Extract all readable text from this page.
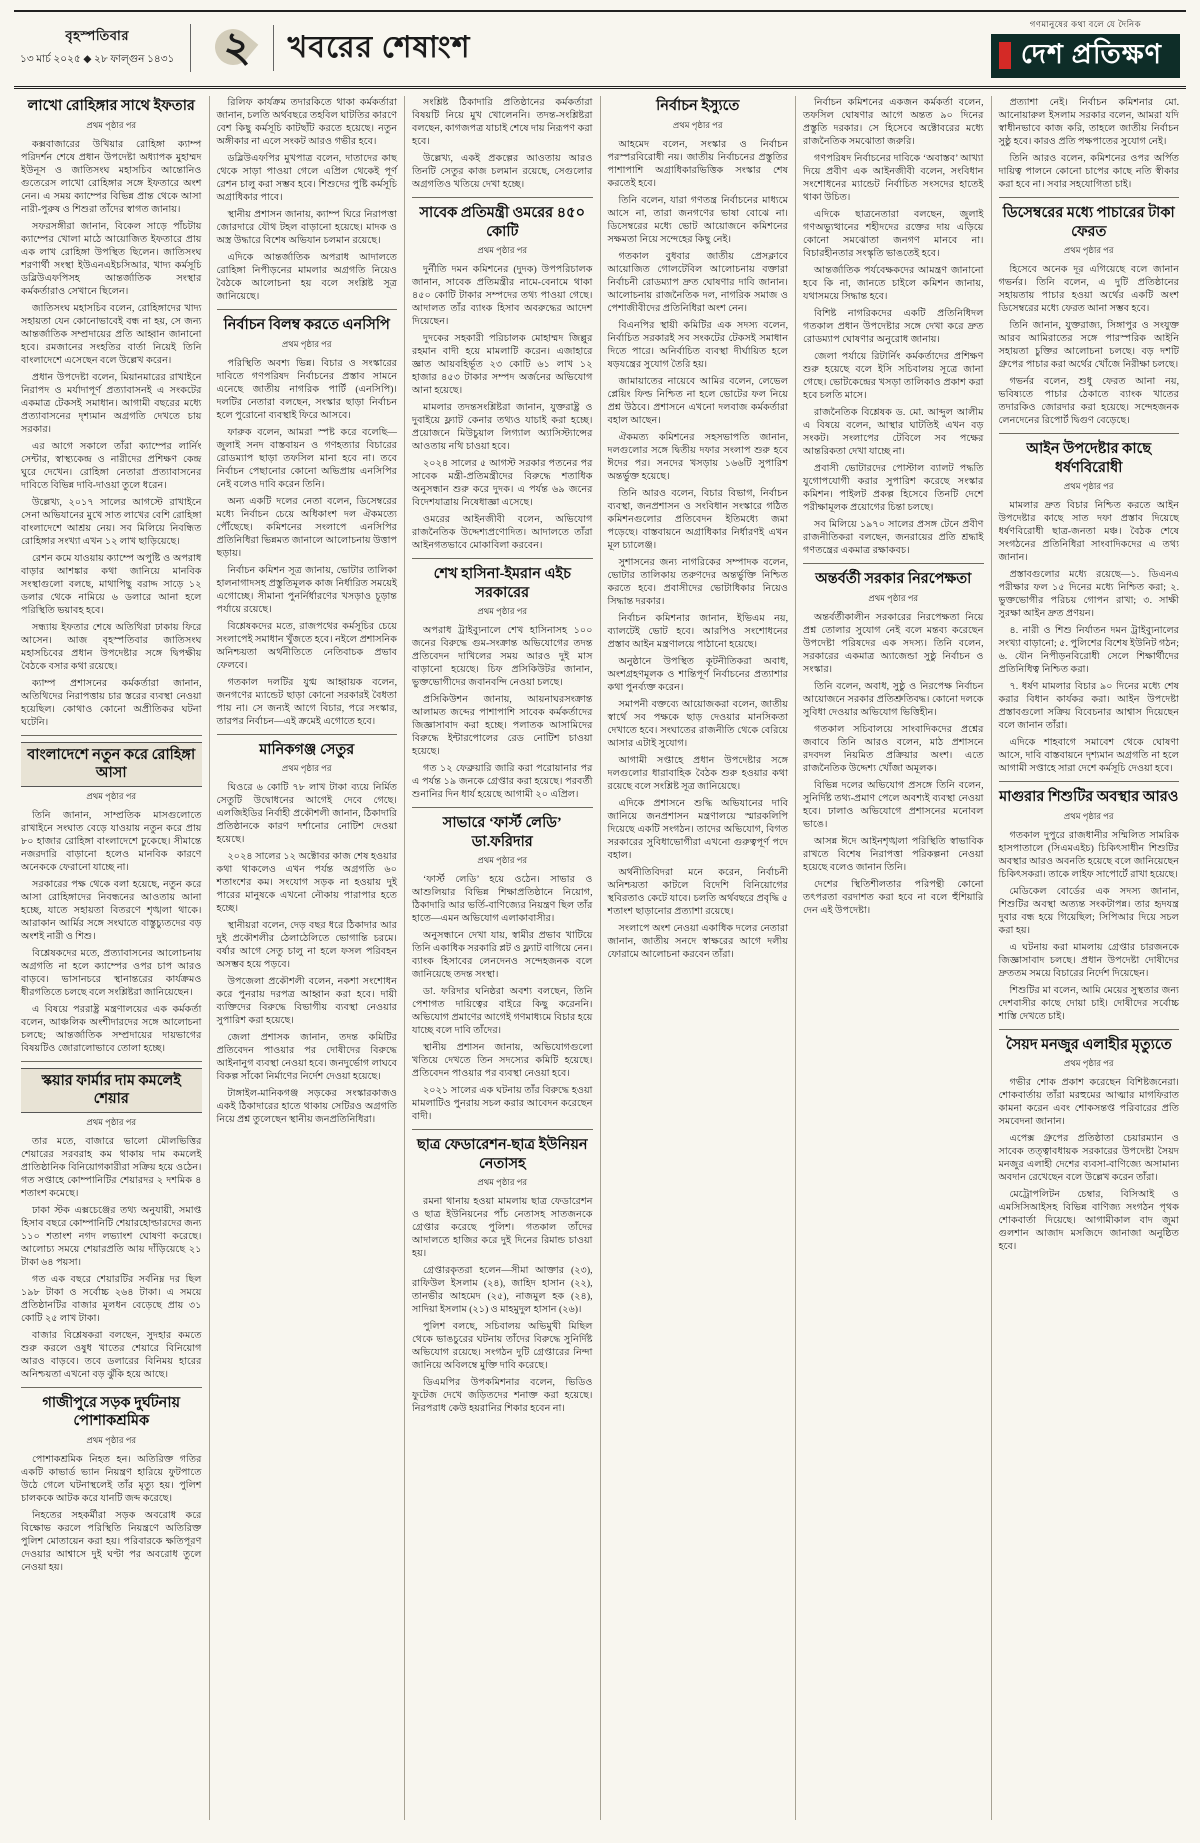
বৃহস্পতিবার
১৩ মার্চ ২০২৫ ◆ ২৮ ফাল্গুন ১৪৩১	২	খবরের শেষাংশ
গণমানুষের কথা বলে যে দৈনিক
দেশ প্রতিক্ষণ
লাখো রোহিঙ্গার সাথে ইফতার
প্রথম পৃষ্ঠার পর

কক্সবাজারের উখিয়ার রোহিঙ্গা ক্যাম্প পরিদর্শন শেষে প্রধান উপদেষ্টা অধ্যাপক মুহাম্মদ ইউনূস ও জাতিসংঘ মহাসচিব আন্তোনিও গুতেরেস লাখো রোহিঙ্গার সঙ্গে ইফতারে অংশ নেন। এ সময় ক্যাম্পের বিভিন্ন প্রান্ত থেকে আসা নারী-পুরুষ ও শিশুরা তাঁদের স্বাগত জানায়।

সফরসঙ্গীরা জানান, বিকেল সাড়ে পাঁচটায় ক্যাম্পের খোলা মাঠে আয়োজিত ইফতারে প্রায় এক লাখ রোহিঙ্গা উপস্থিত ছিলেন। জাতিসংঘ শরণার্থী সংস্থা ইউএনএইচসিআর, খাদ্য কর্মসূচি ডব্লিউএফপিসহ আন্তর্জাতিক সংস্থার কর্মকর্তারাও সেখানে ছিলেন।

জাতিসংঘ মহাসচিব বলেন, রোহিঙ্গাদের খাদ্য সহায়তা যেন কোনোভাবেই বন্ধ না হয়, সে জন্য আন্তর্জাতিক সম্প্রদায়ের প্রতি আহ্বান জানানো হবে। রমজানের সংহতির বার্তা নিয়েই তিনি বাংলাদেশে এসেছেন বলে উল্লেখ করেন।

প্রধান উপদেষ্টা বলেন, মিয়ানমারের রাখাইনে নিরাপদ ও মর্যাদাপূর্ণ প্রত্যাবাসনই এ সংকটের একমাত্র টেকসই সমাধান। আগামী বছরের মধ্যে প্রত্যাবাসনের দৃশ্যমান অগ্রগতি দেখতে চায় সরকার।

এর আগে সকালে তাঁরা ক্যাম্পের লার্নিং সেন্টার, স্বাস্থ্যকেন্দ্র ও নারীদের প্রশিক্ষণ কেন্দ্র ঘুরে দেখেন। রোহিঙ্গা নেতারা প্রত্যাবাসনের দাবিতে বিভিন্ন দাবি-দাওয়া তুলে ধরেন।

উল্লেখ্য, ২০১৭ সালের আগস্টে রাখাইনে সেনা অভিযানের মুখে সাত লাখের বেশি রোহিঙ্গা বাংলাদেশে আশ্রয় নেয়। সব মিলিয়ে নিবন্ধিত রোহিঙ্গার সংখ্যা এখন ১২ লাখ ছাড়িয়েছে।

রেশন কমে যাওয়ায় ক্যাম্পে অপুষ্টি ও অপরাধ বাড়ার আশঙ্কার কথা জানিয়ে মানবিক সংস্থাগুলো বলছে, মাথাপিছু বরাদ্দ সাড়ে ১২ ডলার থেকে নামিয়ে ৬ ডলারে আনা হলে পরিস্থিতি ভয়াবহ হবে।

সন্ধ্যায় ইফতার শেষে অতিথিরা ঢাকায় ফিরে আসেন। আজ বৃহস্পতিবার জাতিসংঘ মহাসচিবের প্রধান উপদেষ্টার সঙ্গে দ্বিপক্ষীয় বৈঠকে বসার কথা রয়েছে।

ক্যাম্প প্রশাসনের কর্মকর্তারা জানান, অতিথিদের নিরাপত্তায় চার স্তরের ব্যবস্থা নেওয়া হয়েছিল। কোথাও কোনো অপ্রীতিকর ঘটনা ঘটেনি।

বাংলাদেশে নতুন করে রোহিঙ্গা আসা
প্রথম পৃষ্ঠার পর

তিনি জানান, সাম্প্রতিক মাসগুলোতে রাখাইনে সংঘাত বেড়ে যাওয়ায় নতুন করে প্রায় ৮০ হাজার রোহিঙ্গা বাংলাদেশে ঢুকেছে। সীমান্তে নজরদারি বাড়ানো হলেও মানবিক কারণে অনেককে ফেরানো যাচ্ছে না।

সরকারের পক্ষ থেকে বলা হয়েছে, নতুন করে আসা রোহিঙ্গাদের নিবন্ধনের আওতায় আনা হচ্ছে, যাতে সহায়তা বিতরণে শৃঙ্খলা থাকে। আরাকান আর্মির সঙ্গে সংঘাতে বাস্তুচ্যুতদের বড় অংশই নারী ও শিশু।

বিশ্লেষকদের মতে, প্রত্যাবাসনের আলোচনায় অগ্রগতি না হলে ক্যাম্পের ওপর চাপ আরও বাড়বে। ভাসানচরে স্থানান্তরের কার্যক্রমও ধীরগতিতে চলছে বলে সংশ্লিষ্টরা জানিয়েছেন।

এ বিষয়ে পররাষ্ট্র মন্ত্রণালয়ের এক কর্মকর্তা বলেন, আঞ্চলিক অংশীদারদের সঙ্গে আলোচনা চলছে; আন্তর্জাতিক সম্প্রদায়ের দায়ভাগের বিষয়টিও জোরালোভাবে তোলা হচ্ছে।

স্কয়ার ফার্মার দাম কমলেই শেয়ার
প্রথম পৃষ্ঠার পর

তার মতে, বাজারে ভালো মৌলভিত্তির শেয়ারের সরবরাহ কম থাকায় দাম কমলেই প্রাতিষ্ঠানিক বিনিয়োগকারীরা সক্রিয় হয়ে ওঠেন। গত সপ্তাহে কোম্পানিটির শেয়ারদর ২ দশমিক ৪ শতাংশ কমেছে।

ঢাকা স্টক এক্সচেঞ্জের তথ্য অনুযায়ী, সমাপ্ত হিসাব বছরে কোম্পানিটি শেয়ারহোল্ডারদের জন্য ১১০ শতাংশ নগদ লভ্যাংশ ঘোষণা করেছে। আলোচ্য সময়ে শেয়ারপ্রতি আয় দাঁড়িয়েছে ২১ টাকা ৬৪ পয়সা।

গত এক বছরে শেয়ারটির সর্বনিম্ন দর ছিল ১৯৮ টাকা ও সর্বোচ্চ ২৬৪ টাকা। এ সময়ে প্রতিষ্ঠানটির বাজার মূলধন বেড়েছে প্রায় ৩১ কোটি ২৫ লাখ টাকা।

বাজার বিশ্লেষকরা বলছেন, সুদহার কমতে শুরু করলে ওষুধ খাতের শেয়ারে বিনিয়োগ আরও বাড়বে। তবে ডলারের বিনিময় হারের অনিশ্চয়তা এখনো বড় ঝুঁকি হয়ে আছে।

গাজীপুরে সড়ক দুর্ঘটনায় পোশাকশ্রমিক
প্রথম পৃষ্ঠার পর

পোশাকশ্রমিক নিহত হন। অতিরিক্ত গতির একটি কাভার্ড ভ্যান নিয়ন্ত্রণ হারিয়ে ফুটপাতে উঠে গেলে ঘটনাস্থলেই তাঁর মৃত্যু হয়। পুলিশ চালককে আটক করে যানটি জব্দ করেছে।

নিহতের সহকর্মীরা সড়ক অবরোধ করে বিক্ষোভ করলে পরিস্থিতি নিয়ন্ত্রণে অতিরিক্ত পুলিশ মোতায়েন করা হয়। পরিবারকে ক্ষতিপূরণ দেওয়ার আশ্বাসে দুই ঘণ্টা পর অবরোধ তুলে নেওয়া হয়।

রিলিফ কার্যক্রম তদারকিতে থাকা কর্মকর্তারা জানান, চলতি অর্থবছরে তহবিল ঘাটতির কারণে বেশ কিছু কর্মসূচি কাটছাঁট করতে হয়েছে। নতুন অঙ্গীকার না এলে সংকট আরও গভীর হবে।

ডব্লিউএফপির মুখপাত্র বলেন, দাতাদের কাছ থেকে সাড়া পাওয়া গেলে এপ্রিল থেকেই পূর্ণ রেশন চালু করা সম্ভব হবে। শিশুদের পুষ্টি কর্মসূচি অগ্রাধিকার পাবে।

স্থানীয় প্রশাসন জানায়, ক্যাম্প ঘিরে নিরাপত্তা জোরদারে যৌথ টহল বাড়ানো হয়েছে। মাদক ও অস্ত্র উদ্ধারে বিশেষ অভিযান চলমান রয়েছে।

এদিকে আন্তর্জাতিক অপরাধ আদালতে রোহিঙ্গা নিপীড়নের মামলার অগ্রগতি নিয়েও বৈঠকে আলোচনা হয় বলে সংশ্লিষ্ট সূত্র জানিয়েছে।

নির্বাচন বিলম্ব করতে এনসিপি
প্রথম পৃষ্ঠার পর

পরিস্থিতি অবশ্য ভিন্ন। বিচার ও সংস্কারের দাবিতে গণপরিষদ নির্বাচনের প্রস্তাব সামনে এনেছে জাতীয় নাগরিক পার্টি (এনসিপি)। দলটির নেতারা বলছেন, সংস্কার ছাড়া নির্বাচন হলে পুরোনো ব্যবস্থাই ফিরে আসবে।

ফারুক বলেন, আমরা স্পষ্ট করে বলেছি—জুলাই সনদ বাস্তবায়ন ও গণহত্যার বিচারের রোডম্যাপ ছাড়া তফসিল মানা হবে না। তবে নির্বাচন পেছানোর কোনো অভিপ্রায় এনসিপির নেই বলেও দাবি করেন তিনি।

অন্য একটি দলের নেতা বলেন, ডিসেম্বরের মধ্যে নির্বাচন চেয়ে অধিকাংশ দল ঐকমত্যে পৌঁছেছে। কমিশনের সংলাপে এনসিপির প্রতিনিধিরা ভিন্নমত জানালে আলোচনায় উত্তাপ ছড়ায়।

নির্বাচন কমিশন সূত্র জানায়, ভোটার তালিকা হালনাগাদসহ প্রস্তুতিমূলক কাজ নির্ধারিত সময়েই এগোচ্ছে। সীমানা পুনর্নির্ধারণের খসড়াও চূড়ান্ত পর্যায়ে রয়েছে।

বিশ্লেষকদের মতে, রাজপথের কর্মসূচির চেয়ে সংলাপেই সমাধান খুঁজতে হবে। নইলে প্রশাসনিক অনিশ্চয়তা অর্থনীতিতে নেতিবাচক প্রভাব ফেলবে।

গতকাল দলটির যুগ্ম আহ্বায়ক বলেন, জনগণের ম্যান্ডেট ছাড়া কোনো সরকারই বৈধতা পায় না। সে জন্যই আগে বিচার, পরে সংস্কার, তারপর নির্বাচন—এই ক্রমেই এগোতে হবে।

মানিকগঞ্জ সেতুর
প্রথম পৃষ্ঠার পর

ঘিওরে ৬ কোটি ৭৮ লাখ টাকা ব্যয়ে নির্মিত সেতুটি উদ্বোধনের আগেই দেবে গেছে। এলজিইডির নির্বাহী প্রকৌশলী জানান, ঠিকাদারি প্রতিষ্ঠানকে কারণ দর্শানোর নোটিশ দেওয়া হয়েছে।

২০২৪ সালের ১২ অক্টোবর কাজ শেষ হওয়ার কথা থাকলেও এখন পর্যন্ত অগ্রগতি ৬০ শতাংশের কম। সংযোগ সড়ক না হওয়ায় দুই পারের মানুষকে এখনো নৌকায় পারাপার হতে হচ্ছে।

স্থানীয়রা বলেন, দেড় বছর ধরে ঠিকাদার আর দুই প্রকৌশলীর ঠেলাঠেলিতে ভোগান্তি চরমে। বর্ষার আগে সেতু চালু না হলে ফসল পরিবহন অসম্ভব হয়ে পড়বে।

উপজেলা প্রকৌশলী বলেন, নকশা সংশোধন করে পুনরায় দরপত্র আহ্বান করা হবে। দায়ী ব্যক্তিদের বিরুদ্ধে বিভাগীয় ব্যবস্থা নেওয়ার সুপারিশ করা হয়েছে।

জেলা প্রশাসক জানান, তদন্ত কমিটির প্রতিবেদন পাওয়ার পর দোষীদের বিরুদ্ধে আইনানুগ ব্যবস্থা নেওয়া হবে। জনদুর্ভোগ লাঘবে বিকল্প সাঁকো নির্মাণের নির্দেশ দেওয়া হয়েছে।

টাঙ্গাইল-মানিকগঞ্জ সড়কের সংস্কারকাজও একই ঠিকাদারের হাতে থাকায় সেটিরও অগ্রগতি নিয়ে প্রশ্ন তুলেছেন স্থানীয় জনপ্রতিনিধিরা।

সংশ্লিষ্ট ঠিকাদারি প্রতিষ্ঠানের কর্মকর্তারা বিষয়টি নিয়ে মুখ খোলেননি। তদন্ত-সংশ্লিষ্টরা বলছেন, কাগজপত্র যাচাই শেষে দায় নিরূপণ করা হবে।

উল্লেখ্য, একই প্রকল্পের আওতায় আরও তিনটি সেতুর কাজ চলমান রয়েছে, সেগুলোর অগ্রগতিও খতিয়ে দেখা হচ্ছে।

সাবেক প্রতিমন্ত্রী ওমরের ৪৫০ কোটি
প্রথম পৃষ্ঠার পর

দুর্নীতি দমন কমিশনের (দুদক) উপপরিচালক জানান, সাবেক প্রতিমন্ত্রীর নামে-বেনামে থাকা ৪৫০ কোটি টাকার সম্পদের তথ্য পাওয়া গেছে। আদালত তাঁর ব্যাংক হিসাব অবরুদ্ধের আদেশ দিয়েছেন।

দুদকের সহকারী পরিচালক মোহাম্মদ জিল্লুর রহমান বাদী হয়ে মামলাটি করেন। এজাহারে জ্ঞাত আয়বহির্ভূত ২৩ কোটি ৬১ লাখ ১২ হাজার ৪৫৩ টাকার সম্পদ অর্জনের অভিযোগ আনা হয়েছে।

মামলার তদন্তসংশ্লিষ্টরা জানান, যুক্তরাষ্ট্র ও দুবাইয়ে ফ্ল্যাট কেনার তথ্যও যাচাই করা হচ্ছে। প্রয়োজনে মিউচুয়াল লিগ্যাল অ্যাসিস্ট্যান্সের আওতায় নথি চাওয়া হবে।

২০২৪ সালের ৫ আগস্ট সরকার পতনের পর সাবেক মন্ত্রী-প্রতিমন্ত্রীদের বিরুদ্ধে শতাধিক অনুসন্ধান শুরু করে দুদক। এ পর্যন্ত ৬৯ জনের বিদেশযাত্রায় নিষেধাজ্ঞা এসেছে।

ওমরের আইনজীবী বলেন, অভিযোগ রাজনৈতিক উদ্দেশ্যপ্রণোদিত। আদালতে তাঁরা আইনগতভাবে মোকাবিলা করবেন।

শেখ হাসিনা-ইমরান এইচ সরকারের
প্রথম পৃষ্ঠার পর

অপরাধ ট্রাইব্যুনালে শেখ হাসিনাসহ ১০০ জনের বিরুদ্ধে গুম-সংক্রান্ত অভিযোগের তদন্ত প্রতিবেদন দাখিলের সময় আরও দুই মাস বাড়ানো হয়েছে। চিফ প্রসিকিউটর জানান, ভুক্তভোগীদের জবানবন্দি নেওয়া চলছে।

প্রসিকিউশন জানায়, আয়নাঘরসংক্রান্ত আলামত জব্দের পাশাপাশি সাবেক কর্মকর্তাদের জিজ্ঞাসাবাদ করা হচ্ছে। পলাতক আসামিদের বিরুদ্ধে ইন্টারপোলের রেড নোটিশ চাওয়া হয়েছে।

গত ১২ ফেব্রুয়ারি জারি করা পরোয়ানার পর এ পর্যন্ত ১৯ জনকে গ্রেপ্তার করা হয়েছে। পরবর্তী শুনানির দিন ধার্য হয়েছে আগামী ২০ এপ্রিল।

সাভারে ‘ফার্স্ট লেডি’ ডা.ফরিদার
প্রথম পৃষ্ঠার পর

‘ফার্স্ট লেডি’ হয়ে ওঠেন। সাভার ও আশুলিয়ার বিভিন্ন শিক্ষাপ্রতিষ্ঠানে নিয়োগ, ঠিকাদারি আর ভর্তি-বাণিজ্যের নিয়ন্ত্রণ ছিল তাঁর হাতে—এমন অভিযোগ এলাকাবাসীর।

অনুসন্ধানে দেখা যায়, স্বামীর প্রভাব খাটিয়ে তিনি একাধিক সরকারি প্লট ও ফ্ল্যাট বাগিয়ে নেন। ব্যাংক হিসাবের লেনদেনও সন্দেহজনক বলে জানিয়েছে তদন্ত সংস্থা।

ডা. ফরিদার ঘনিষ্ঠরা অবশ্য বলছেন, তিনি পেশাগত দায়িত্বের বাইরে কিছু করেননি। অভিযোগ প্রমাণের আগেই গণমাধ্যমে বিচার হয়ে যাচ্ছে বলে দাবি তাঁদের।

স্থানীয় প্রশাসন জানায়, অভিযোগগুলো খতিয়ে দেখতে তিন সদস্যের কমিটি হয়েছে। প্রতিবেদন পাওয়ার পর ব্যবস্থা নেওয়া হবে।

২০২১ সালের এক ঘটনায় তাঁর বিরুদ্ধে হওয়া মামলাটিও পুনরায় সচল করার আবেদন করেছেন বাদী।

ছাত্র ফেডারেশন-ছাত্র ইউনিয়ন নেতাসহ
প্রথম পৃষ্ঠার পর

রমনা থানায় হওয়া মামলায় ছাত্র ফেডারেশন ও ছাত্র ইউনিয়নের পাঁচ নেতাসহ সাতজনকে গ্রেপ্তার করেছে পুলিশ। গতকাল তাঁদের আদালতে হাজির করে দুই দিনের রিমান্ড চাওয়া হয়।

গ্রেপ্তারকৃতরা হলেন—সীমা আক্তার (২৩), রাফিউল ইসলাম (২৪), জাহিদ হাসান (২২), তানভীর আহমেদ (২৫), নাজমুল হক (২৪), সাদিয়া ইসলাম (২১) ও মাহমুদুল হাসান (২৬)।

পুলিশ বলছে, সচিবালয় অভিমুখী মিছিল থেকে ভাঙচুরের ঘটনায় তাঁদের বিরুদ্ধে সুনির্দিষ্ট অভিযোগ রয়েছে। সংগঠন দুটি গ্রেপ্তারের নিন্দা জানিয়ে অবিলম্বে মুক্তি দাবি করেছে।

ডিএমপির উপকমিশনার বলেন, ভিডিও ফুটেজ দেখে জড়িতদের শনাক্ত করা হয়েছে। নিরপরাধ কেউ হয়রানির শিকার হবেন না।

নির্বাচন ইস্যুতে
প্রথম পৃষ্ঠার পর

আহমেদ বলেন, সংস্কার ও নির্বাচন পরস্পরবিরোধী নয়। জাতীয় নির্বাচনের প্রস্তুতির পাশাপাশি অগ্রাধিকারভিত্তিক সংস্কার শেষ করতেই হবে।

তিনি বলেন, যারা গণতন্ত্র নির্বাচনের মাধ্যমে আসে না, তারা জনগণের ভাষা বোঝে না। ডিসেম্বরের মধ্যে ভোট আয়োজনে কমিশনের সক্ষমতা নিয়ে সন্দেহের কিছু নেই।

গতকাল বুধবার জাতীয় প্রেসক্লাবে আয়োজিত গোলটেবিল আলোচনায় বক্তারা নির্বাচনী রোডম্যাপ দ্রুত ঘোষণার দাবি জানান। আলোচনায় রাজনৈতিক দল, নাগরিক সমাজ ও পেশাজীবীদের প্রতিনিধিরা অংশ নেন।

বিএনপির স্থায়ী কমিটির এক সদস্য বলেন, নির্বাচিত সরকারই সব সংকটের টেকসই সমাধান দিতে পারে। অনির্বাচিত ব্যবস্থা দীর্ঘায়িত হলে ষড়যন্ত্রের সুযোগ তৈরি হয়।

জামায়াতের নায়েবে আমির বলেন, লেভেল প্লেয়িং ফিল্ড নিশ্চিত না হলে ভোটের ফল নিয়ে প্রশ্ন উঠবে। প্রশাসনে এখনো দলবাজ কর্মকর্তারা বহাল আছেন।

ঐকমত্য কমিশনের সহসভাপতি জানান, দলগুলোর সঙ্গে দ্বিতীয় দফার সংলাপ শুরু হবে ঈদের পর। সনদের খসড়ায় ১৬৬টি সুপারিশ অন্তর্ভুক্ত হয়েছে।

তিনি আরও বলেন, বিচার বিভাগ, নির্বাচন ব্যবস্থা, জনপ্রশাসন ও সংবিধান সংস্কারে গঠিত কমিশনগুলোর প্রতিবেদন ইতিমধ্যে জমা পড়েছে। বাস্তবায়নে অগ্রাধিকার নির্ধারণই এখন মূল চ্যালেঞ্জ।

সুশাসনের জন্য নাগরিকের সম্পাদক বলেন, ভোটার তালিকায় তরুণদের অন্তর্ভুক্তি নিশ্চিত করতে হবে। প্রবাসীদের ভোটাধিকার নিয়েও সিদ্ধান্ত দরকার।

নির্বাচন কমিশনার জানান, ইভিএম নয়, ব্যালটেই ভোট হবে। আরপিও সংশোধনের প্রস্তাব আইন মন্ত্রণালয়ে পাঠানো হয়েছে।

অনুষ্ঠানে উপস্থিত কূটনীতিকরা অবাধ, অংশগ্রহণমূলক ও শান্তিপূর্ণ নির্বাচনের প্রত্যাশার কথা পুনর্ব্যক্ত করেন।

সমাপনী বক্তব্যে আয়োজকরা বলেন, জাতীয় স্বার্থে সব পক্ষকে ছাড় দেওয়ার মানসিকতা দেখাতে হবে। সংঘাতের রাজনীতি থেকে বেরিয়ে আসার এটাই সুযোগ।

আগামী সপ্তাহে প্রধান উপদেষ্টার সঙ্গে দলগুলোর ধারাবাহিক বৈঠক শুরু হওয়ার কথা রয়েছে বলে সংশ্লিষ্ট সূত্র জানিয়েছে।

এদিকে প্রশাসনে শুদ্ধি অভিযানের দাবি জানিয়ে জনপ্রশাসন মন্ত্রণালয়ে স্মারকলিপি দিয়েছে একটি সংগঠন। তাদের অভিযোগ, বিগত সরকারের সুবিধাভোগীরা এখনো গুরুত্বপূর্ণ পদে বহাল।

অর্থনীতিবিদরা মনে করেন, নির্বাচনী অনিশ্চয়তা কাটলে বিদেশি বিনিয়োগের স্থবিরতাও কেটে যাবে। চলতি অর্থবছরে প্রবৃদ্ধি ৫ শতাংশ ছাড়ানোর প্রত্যাশা রয়েছে।

সংলাপে অংশ নেওয়া একাধিক দলের নেতারা জানান, জাতীয় সনদে স্বাক্ষরের আগে দলীয় ফোরামে আলোচনা করবেন তাঁরা।

নির্বাচন কমিশনের একজন কর্মকর্তা বলেন, তফসিল ঘোষণার আগে অন্তত ৯০ দিনের প্রস্তুতি দরকার। সে হিসেবে অক্টোবরের মধ্যে রাজনৈতিক সমঝোতা জরুরি।

গণপরিষদ নির্বাচনের দাবিকে ‘অবাস্তব’ আখ্যা দিয়ে প্রবীণ এক আইনজীবী বলেন, সংবিধান সংশোধনের ম্যান্ডেট নির্বাচিত সংসদের হাতেই থাকা উচিত।

এদিকে ছাত্রনেতারা বলছেন, জুলাই গণঅভ্যুত্থানের শহীদদের রক্তের দায় এড়িয়ে কোনো সমঝোতা জনগণ মানবে না। বিচারহীনতার সংস্কৃতি ভাঙতেই হবে।

আন্তর্জাতিক পর্যবেক্ষকদের আমন্ত্রণ জানানো হবে কি না, জানতে চাইলে কমিশন জানায়, যথাসময়ে সিদ্ধান্ত হবে।

বিশিষ্ট নাগরিকদের একটি প্রতিনিধিদল গতকাল প্রধান উপদেষ্টার সঙ্গে দেখা করে দ্রুত রোডম্যাপ ঘোষণার অনুরোধ জানায়।

জেলা পর্যায়ে রিটার্নিং কর্মকর্তাদের প্রশিক্ষণ শুরু হয়েছে বলে ইসি সচিবালয় সূত্রে জানা গেছে। ভোটকেন্দ্রের খসড়া তালিকাও প্রকাশ করা হবে চলতি মাসে।

রাজনৈতিক বিশ্লেষক ড. মো. আব্দুল আলীম এ বিষয়ে বলেন, আস্থার ঘাটতিই এখন বড় সংকট। সংলাপের টেবিলে সব পক্ষের আন্তরিকতা দেখা যাচ্ছে না।

প্রবাসী ভোটারদের পোস্টাল ব্যালট পদ্ধতি যুগোপযোগী করার সুপারিশ করেছে সংস্কার কমিশন। পাইলট প্রকল্প হিসেবে তিনটি দেশে পরীক্ষামূলক প্রয়োগের চিন্তা চলছে।

সব মিলিয়ে ১৯৭০ সালের প্রসঙ্গ টেনে প্রবীণ রাজনীতিকরা বলছেন, জনরায়ের প্রতি শ্রদ্ধাই গণতন্ত্রের একমাত্র রক্ষাকবচ।

অন্তর্বর্তী সরকার নিরপেক্ষতা
প্রথম পৃষ্ঠার পর

অন্তর্বর্তীকালীন সরকারের নিরপেক্ষতা নিয়ে প্রশ্ন তোলার সুযোগ নেই বলে মন্তব্য করেছেন উপদেষ্টা পরিষদের এক সদস্য। তিনি বলেন, সরকারের একমাত্র অ্যাজেন্ডা সুষ্ঠু নির্বাচন ও সংস্কার।

তিনি বলেন, অবাধ, সুষ্ঠু ও নিরপেক্ষ নির্বাচন আয়োজনে সরকার প্রতিশ্রুতিবদ্ধ। কোনো দলকে সুবিধা দেওয়ার অভিযোগ ভিত্তিহীন।

গতকাল সচিবালয়ে সাংবাদিকদের প্রশ্নের জবাবে তিনি আরও বলেন, মাঠ প্রশাসনে রদবদল নিয়মিত প্রক্রিয়ার অংশ। এতে রাজনৈতিক উদ্দেশ্য খোঁজা অমূলক।

বিভিন্ন দলের অভিযোগ প্রসঙ্গে তিনি বলেন, সুনির্দিষ্ট তথ্য-প্রমাণ পেলে অবশ্যই ব্যবস্থা নেওয়া হবে। ঢালাও অভিযোগে প্রশাসনের মনোবল ভাঙে।

আসন্ন ঈদে আইনশৃঙ্খলা পরিস্থিতি স্বাভাবিক রাখতে বিশেষ নিরাপত্তা পরিকল্পনা নেওয়া হয়েছে বলেও জানান তিনি।

দেশের স্থিতিশীলতার পরিপন্থী কোনো তৎপরতা বরদাশত করা হবে না বলে হুঁশিয়ারি দেন এই উপদেষ্টা।

প্রত্যাশা নেই। নির্বাচন কমিশনার মো. আনোয়ারুল ইসলাম সরকার বলেন, আমরা যদি স্বাধীনভাবে কাজ করি, তাহলে জাতীয় নির্বাচন সুষ্ঠু হবে। কারও প্রতি পক্ষপাতের সুযোগ নেই।

তিনি আরও বলেন, কমিশনের ওপর অর্পিত দায়িত্ব পালনে কোনো চাপের কাছে নতি স্বীকার করা হবে না। সবার সহযোগিতা চাই।

ডিসেম্বরের মধ্যে পাচারের টাকা ফেরত
প্রথম পৃষ্ঠার পর

হিসেবে অনেক দূর এগিয়েছে বলে জানান গভর্নর। তিনি বলেন, এ দুটি প্রতিষ্ঠানের সহায়তায় পাচার হওয়া অর্থের একটি অংশ ডিসেম্বরের মধ্যে ফেরত আনা সম্ভব হবে।

তিনি জানান, যুক্তরাজ্য, সিঙ্গাপুর ও সংযুক্ত আরব আমিরাতের সঙ্গে পারস্পরিক আইনি সহায়তা চুক্তির আলোচনা চলছে। বড় দশটি গ্রুপের পাচার করা অর্থের খোঁজে নিরীক্ষা চলছে।

গভর্নর বলেন, শুধু ফেরত আনা নয়, ভবিষ্যতে পাচার ঠেকাতে ব্যাংক খাতের তদারকিও জোরদার করা হয়েছে। সন্দেহজনক লেনদেনের রিপোর্ট দ্বিগুণ বেড়েছে।

আইন উপদেষ্টার কাছে ধর্ষণবিরোধী
প্রথম পৃষ্ঠার পর

মামলার দ্রুত বিচার নিশ্চিত করতে আইন উপদেষ্টার কাছে সাত দফা প্রস্তাব দিয়েছে ধর্ষণবিরোধী ছাত্র-জনতা মঞ্চ। বৈঠক শেষে সংগঠনের প্রতিনিধিরা সাংবাদিকদের এ তথ্য জানান।

প্রস্তাবগুলোর মধ্যে রয়েছে—১. ডিএনএ পরীক্ষার ফল ১৫ দিনের মধ্যে নিশ্চিত করা; ২. ভুক্তভোগীর পরিচয় গোপন রাখা; ৩. সাক্ষী সুরক্ষা আইন দ্রুত প্রণয়ন।

৪. নারী ও শিশু নির্যাতন দমন ট্রাইব্যুনালের সংখ্যা বাড়ানো; ৫. পুলিশের বিশেষ ইউনিট গঠন; ৬. যৌন নিপীড়নবিরোধী সেলে শিক্ষার্থীদের প্রতিনিধিত্ব নিশ্চিত করা।

৭. ধর্ষণ মামলার বিচার ৯০ দিনের মধ্যে শেষ করার বিধান কার্যকর করা। আইন উপদেষ্টা প্রস্তাবগুলো সক্রিয় বিবেচনার আশ্বাস দিয়েছেন বলে জানান তাঁরা।

এদিকে শাহবাগে সমাবেশ থেকে ঘোষণা আসে, দাবি বাস্তবায়নে দৃশ্যমান অগ্রগতি না হলে আগামী সপ্তাহে সারা দেশে কর্মসূচি দেওয়া হবে।

মাগুরার শিশুটির অবস্থার আরও
প্রথম পৃষ্ঠার পর

গতকাল দুপুরে রাজধানীর সম্মিলিত সামরিক হাসপাতালে (সিএমএইচ) চিকিৎসাধীন শিশুটির অবস্থার আরও অবনতি হয়েছে বলে জানিয়েছেন চিকিৎসকরা। তাকে লাইফ সাপোর্টে রাখা হয়েছে।

মেডিকেল বোর্ডের এক সদস্য জানান, শিশুটির অবস্থা অত্যন্ত সংকটাপন্ন। তার হৃদযন্ত্র দুবার বন্ধ হয়ে গিয়েছিল; সিপিআর দিয়ে সচল করা হয়।

এ ঘটনায় করা মামলায় গ্রেপ্তার চারজনকে জিজ্ঞাসাবাদ চলছে। প্রধান উপদেষ্টা দোষীদের দ্রুততম সময়ে বিচারের নির্দেশ দিয়েছেন।

শিশুটির মা বলেন, আমি মেয়ের সুস্থতার জন্য দেশবাসীর কাছে দোয়া চাই। দোষীদের সর্বোচ্চ শাস্তি দেখতে চাই।

সৈয়দ মনজুর এলাহীর মৃত্যুতে
প্রথম পৃষ্ঠার পর

গভীর শোক প্রকাশ করেছেন বিশিষ্টজনেরা। শোকবার্তায় তাঁরা মরহুমের আত্মার মাগফিরাত কামনা করেন এবং শোকসন্তপ্ত পরিবারের প্রতি সমবেদনা জানান।

এপেক্স গ্রুপের প্রতিষ্ঠাতা চেয়ারম্যান ও সাবেক তত্ত্বাবধায়ক সরকারের উপদেষ্টা সৈয়দ মনজুর এলাহী দেশের ব্যবসা-বাণিজ্যে অসামান্য অবদান রেখেছেন বলে উল্লেখ করেন তাঁরা।

মেট্রোপলিটন চেম্বার, বিসিআই ও এমসিসিআইসহ বিভিন্ন বাণিজ্য সংগঠন পৃথক শোকবার্তা দিয়েছে। আগামীকাল বাদ জুমা গুলশান আজাদ মসজিদে জানাজা অনুষ্ঠিত হবে।
